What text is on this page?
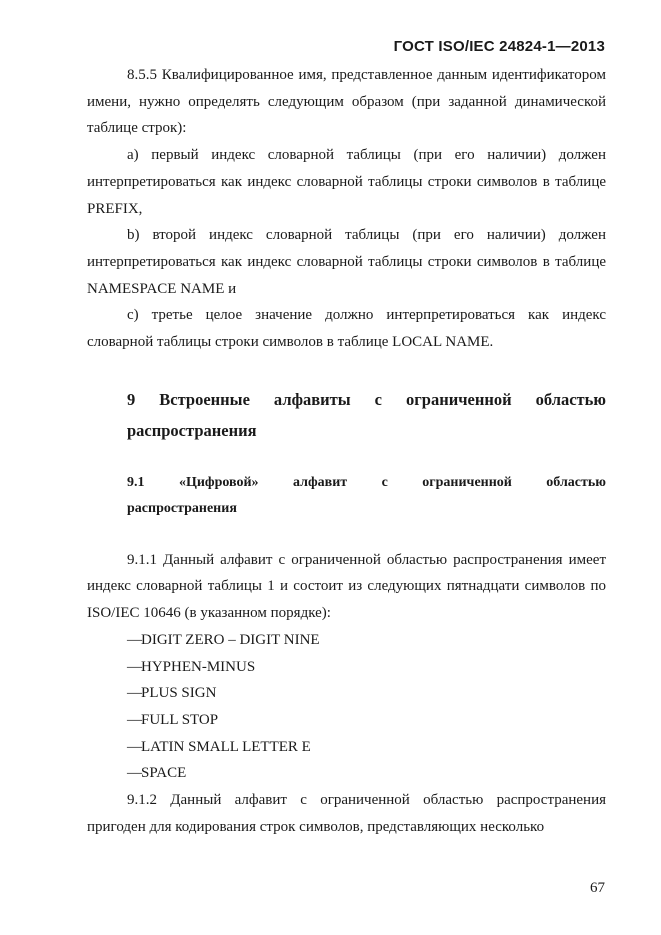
ГОСТ ISO/IEC 24824-1—2013

8.5.5 Квалифицированное имя, представленное данным идентификатором имени, нужно определять следующим образом (при заданной динамической таблице строк):

a) первый индекс словарной таблицы (при его наличии) должен интерпретироваться как индекс словарной таблицы строки символов в таблице PREFIX,

b) второй индекс словарной таблицы (при его наличии) должен интерпретироваться как индекс словарной таблицы строки символов в таблице NAMESPACE NAME и

c) третье целое значение должно интерпретироваться как индекс словарной таблицы строки символов в таблице LOCAL NAME.

9 Встроенные алфавиты с ограниченной областью
распространения
9.1 «Цифровой» алфавит с ограниченной областью
распространения

9.1.1 Данный алфавит с ограниченной областью распространения имеет индекс словарной таблицы 1 и состоит из следующих пятнадцати символов по ISO/IEC 10646 (в указанном порядке):

—DIGIT ZERO – DIGIT NINE
—HYPHEN-MINUS
—PLUS SIGN
—FULL STOP
—LATIN SMALL LETTER E
—SPACE

9.1.2 Данный алфавит с ограниченной областью распространения пригоден для кодирования строк символов, представляющих несколько

67
